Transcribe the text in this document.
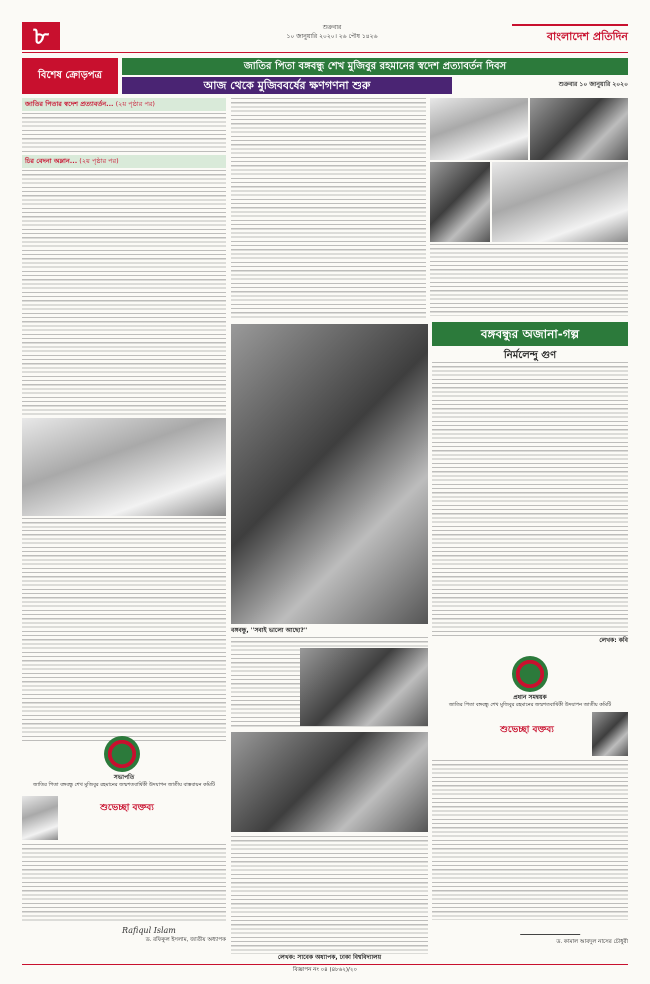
৮	শুক্রবার
১০ জানুয়ারি ২০২০। ২৬ পৌষ ১৪২৬	বাংলাদেশ প্রতিদিন
বিশেষ ক্রোড়পত্র
জাতির পিতা বঙ্গবন্ধু শেখ মুজিবুর রহমানের স্বদেশ প্রত্যাবর্তন দিবস
আজ থেকে মুজিববর্ষের ক্ষণগণনা শুরু	শুক্রবার ১০ জানুয়ারি ২০২০
জাতির পিতার স্বদেশ প্রত্যাবর্তন... (২য় পৃষ্ঠার পর)
চির বেদনা অম্লান... (২য় পৃষ্ঠার পর)
বঙ্গবন্ধুর অজানা-গল্প
নির্মলেন্দু গুণ
লেখক: কবি
বঙ্গবন্ধু, ''সবাই ভালো আছো?''
লেখক: সাবেক অধ্যাপক, ঢাকা বিশ্ববিদ্যালয়
সভাপতি
জাতির পিতা বঙ্গবন্ধু শেখ মুজিবুর রহমানের জন্মশতবার্ষিকী উদযাপন জাতীয় বাস্তবায়ন কমিটি
শুভেচ্ছা বক্তব্য
Rafiqul Islam
ড. রফিকুল ইসলাম, জাতীয় অধ্যাপক
প্রধান সমন্বয়ক
জাতির পিতা বঙ্গবন্ধু শেখ মুজিবুর রহমানের জন্মশতবার্ষিকী উদযাপন জাতীয় কমিটি
শুভেচ্ছা বক্তব্য
ড. কামাল আবদুল নাসের চৌধুরী
বিজ্ঞাপন নং ০৪ (৪৮৬২)/২০
